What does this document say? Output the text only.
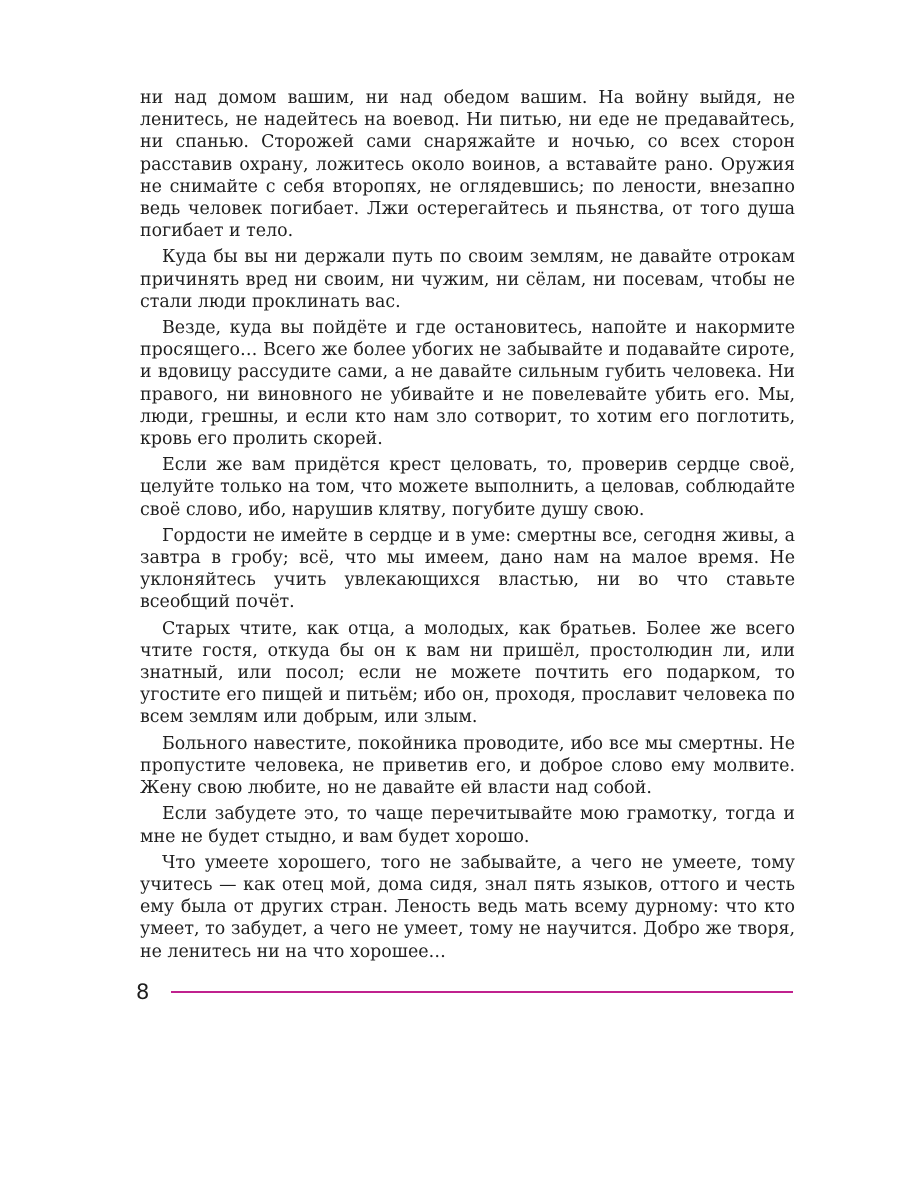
ни над домом вашим, ни над обедом вашим. На войну выйдя, не ленитесь, не надейтесь на воевод. Ни питью, ни еде не предавайтесь, ни спанью. Сторожей сами снаряжайте и ночью, со всех сторон расставив охрану, ложитесь около воинов, а вставайте рано. Оружия не снимайте с себя второпях, не оглядевшись; по лености, внезапно ведь человек погибает. Лжи остерегайтесь и пьянства, от того душа погибает и тело.

Куда бы вы ни держали путь по своим землям, не давайте отрокам причинять вред ни своим, ни чужим, ни сёлам, ни посевам, чтобы не стали люди проклинать вас.

Везде, куда вы пойдёте и где остановитесь, напойте и накормите просящего… Всего же более убогих не забывайте и подавайте сироте, и вдовицу рассудите сами, а не давайте сильным губить человека. Ни правого, ни виновного не убивайте и не повелевайте убить его. Мы, люди, грешны, и если кто нам зло сотворит, то хотим его поглотить, кровь его пролить скорей.

Если же вам придётся крест целовать, то, проверив сердце своё, целуйте только на том, что можете выполнить, а целовав, соблюдайте своё слово, ибо, нарушив клятву, погубите душу свою.

Гордости не имейте в сердце и в уме: смертны все, сегодня живы, а завтра в гробу; всё, что мы имеем, дано нам на малое время. Не уклоняйтесь учить увлекающихся властью, ни во что ставьте всеобщий почёт.

Старых чтите, как отца, а молодых, как братьев. Более же всего чтите гостя, откуда бы он к вам ни пришёл, простолюдин ли, или знатный, или посол; если не можете почтить его подарком, то угостите его пищей и питьём; ибо он, проходя, прославит человека по всем землям или добрым, или злым.

Больного навестите, покойника проводите, ибо все мы смертны. Не пропустите человека, не приветив его, и доброе слово ему молвите. Жену свою любите, но не давайте ей власти над собой.

Если забудете это, то чаще перечитывайте мою грамотку, тогда и мне не будет стыдно, и вам будет хорошо.

Что умеете хорошего, того не забывайте, а чего не умеете, тому учитесь — как отец мой, дома сидя, знал пять языков, оттого и честь ему была от других стран. Леность ведь мать всему дурному: что кто умеет, то забудет, а чего не умеет, тому не научится. Добро же творя, не ленитесь ни на что хорошее…

8
